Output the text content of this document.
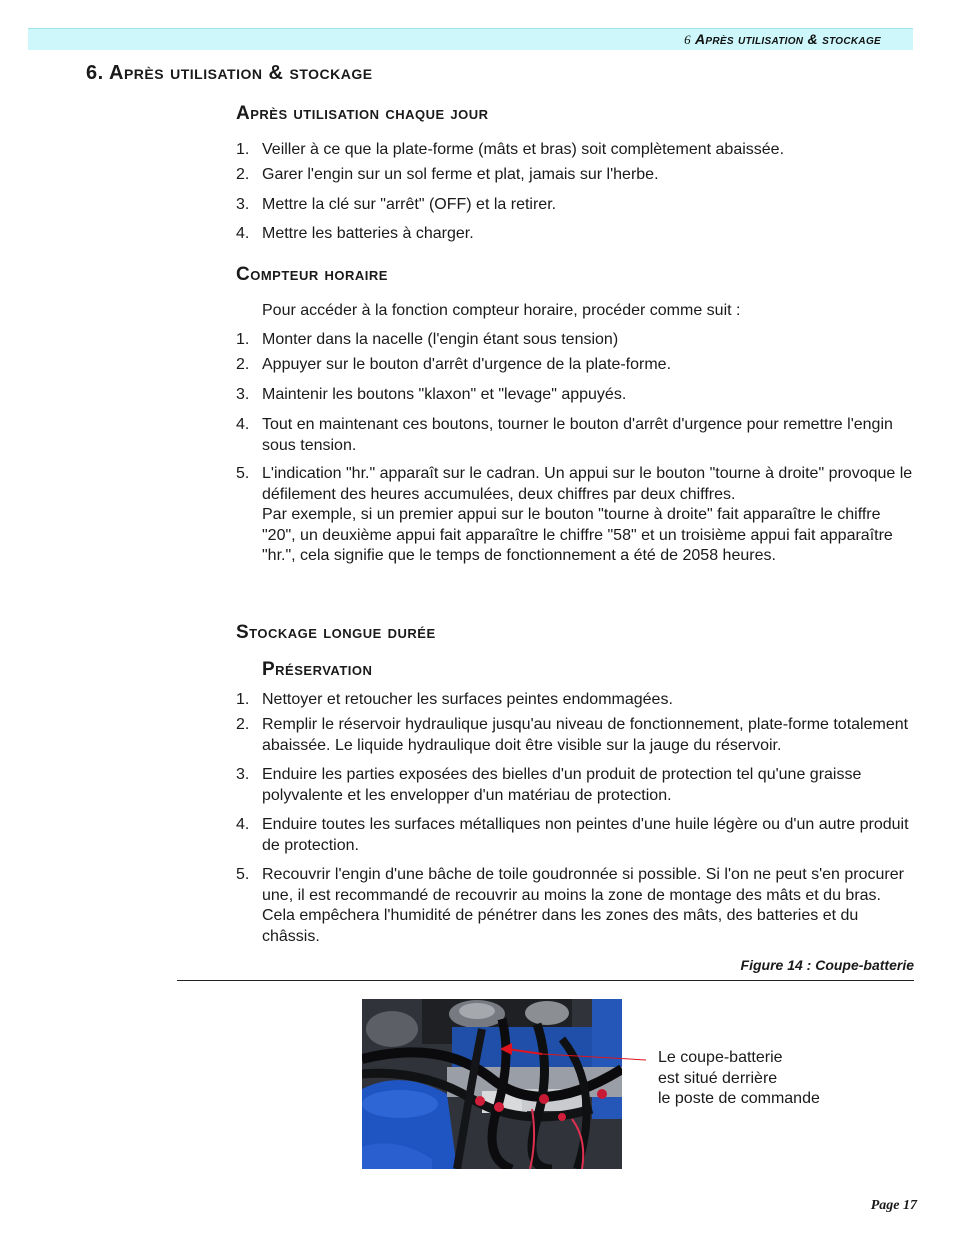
6 Après utilisation & stockage
6. Après utilisation & stockage
Après utilisation chaque jour
1. Veiller à ce que la plate-forme (mâts et bras) soit complètement abaissée.
2. Garer l'engin sur un sol ferme et plat, jamais sur l'herbe.
3. Mettre la clé sur "arrêt" (OFF) et la retirer.
4. Mettre les batteries à charger.
Compteur horaire
Pour accéder à la fonction compteur horaire, procéder comme suit :
1. Monter dans la nacelle (l'engin étant sous tension)
2. Appuyer sur le bouton d'arrêt d'urgence de la plate-forme.
3. Maintenir les boutons "klaxon" et "levage" appuyés.
4. Tout en maintenant ces boutons, tourner le bouton d'arrêt d'urgence pour remettre l'engin sous tension.
5. L'indication "hr." apparaît sur le cadran. Un appui sur le bouton "tourne à droite" provoque le défilement des heures accumulées, deux chiffres par deux chiffres.
Par exemple, si un premier appui sur le bouton "tourne à droite" fait apparaître le chiffre "20", un deuxième appui fait apparaître le chiffre "58" et un troisième appui fait apparaître "hr.", cela signifie que le temps de fonctionnement a été de 2058 heures.
Stockage longue durée
Préservation
1. Nettoyer et retoucher les surfaces peintes endommagées.
2. Remplir le réservoir hydraulique jusqu'au niveau de fonctionnement, plate-forme totalement abaissée. Le liquide hydraulique doit être visible sur la jauge du réservoir.
3. Enduire les parties exposées des bielles d'un produit de protection tel qu'une graisse polyvalente et les envelopper d'un matériau de protection.
4. Enduire toutes les surfaces métalliques non peintes d'une huile légère ou d'un autre produit de protection.
5. Recouvrir l'engin d'une bâche de toile goudronnée si possible. Si l'on ne peut s'en procurer une, il est recommandé de recouvrir au moins la zone de montage des mâts et du bras. Cela empêchera l'humidité de pénétrer dans les zones des mâts, des batteries et du châssis.
Figure 14 : Coupe-batterie
Le coupe-batterie
est situé derrière
le poste de commande
Page 17
